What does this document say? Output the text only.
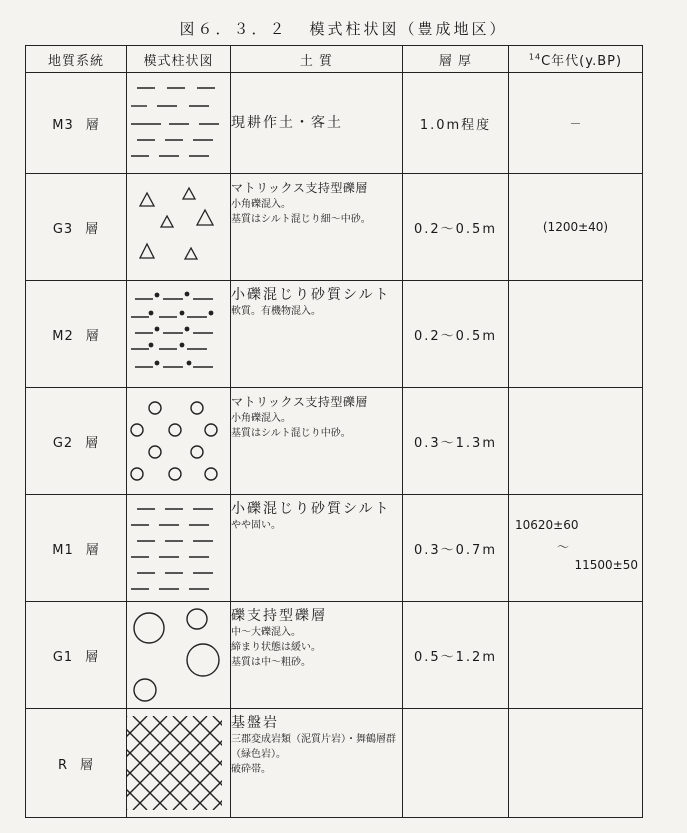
図６．３．２ 模式柱状図（豊成地区）
地質系統	模式柱状図	土 質	層 厚	$^{14}$C年代(y.BP)
M3 層		現耕作土・客土	1.0m程度	－
G3 層		マトリックス支持型礫層
小角礫混入。
基質はシルト混じり細～中砂。	0.2～0.5m	(1200±40)
M2 層		小礫混じり砂質シルト
軟質。有機物混入。	0.2～0.5m	
G2 層		マトリックス支持型礫層
小角礫混入。
基質はシルト混じり中砂。	0.3～1.3m	
M1 層		小礫混じり砂質シルト
やや固い。	0.3～0.7m	10620±60
～
11500±50

G1 層		礫支持型礫層
中～大礫混入。
締まり状態は緩い。
基質は中～粗砂。	0.5～1.2m	
R 層		基盤岩
三郡変成岩類（泥質片岩）・舞鶴層群
（緑色岩）。
破砕帯。		
